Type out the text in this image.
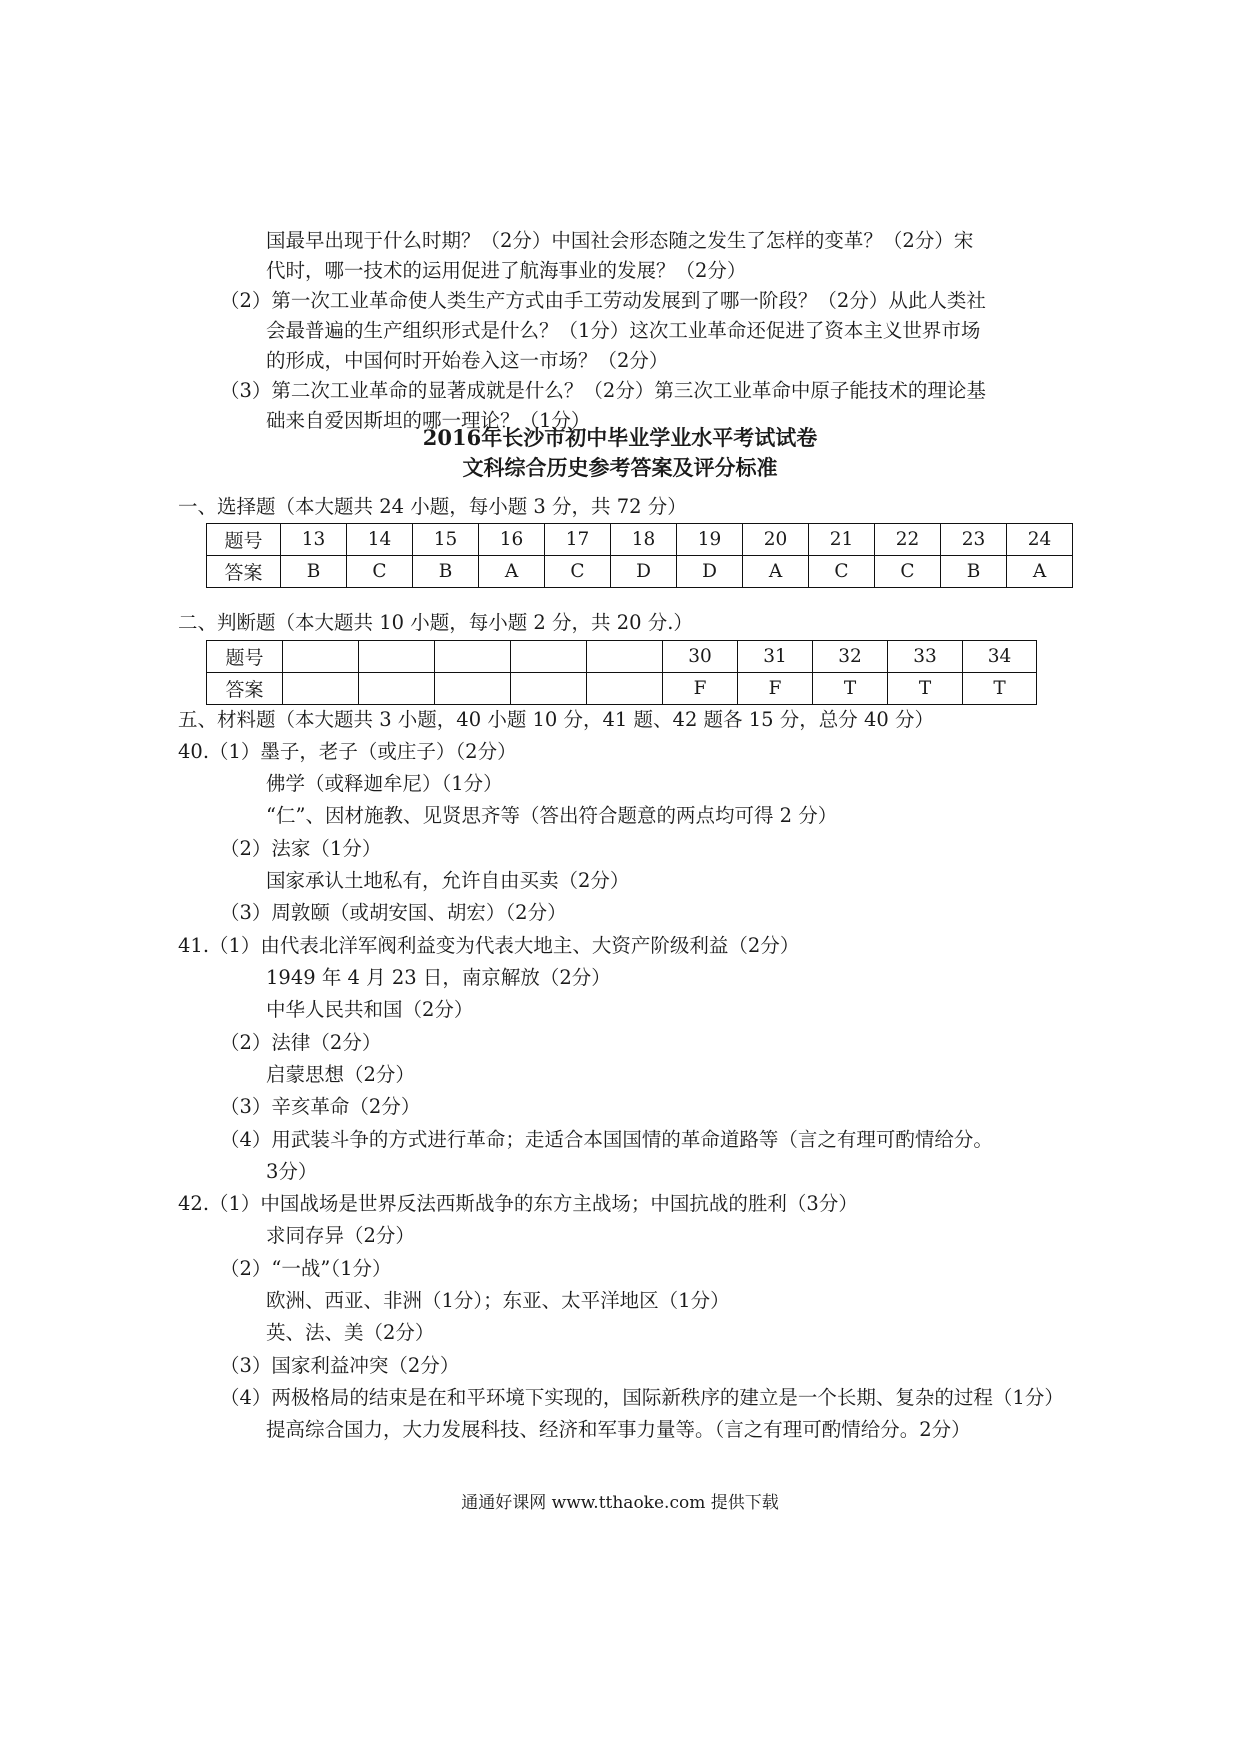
国最早出现于什么时期？（2分）中国社会形态随之发生了怎样的变革？（2分）宋
代时，哪一技术的运用促进了航海事业的发展？（2分）
（2）第一次工业革命使人类生产方式由手工劳动发展到了哪一阶段？（2分）从此人类社
会最普遍的生产组织形式是什么？（1分）这次工业革命还促进了资本主义世界市场
的形成，中国何时开始卷入这一市场？（2分）
（3）第二次工业革命的显著成就是什么？（2分）第三次工业革命中原子能技术的理论基
础来自爱因斯坦的哪一理论？（1分）
2016年长沙市初中毕业学业水平考试试卷
文科综合历史参考答案及评分标准
一、选择题（本大题共 24 小题，每小题 3 分，共 72 分）
题号	13	14	15	16	17	18	19	20	21	22	23	24
答案	B	C	B	A	C	D	D	A	C	C	B	A
二、判断题（本大题共 10 小题，每小题 2 分，共 20 分.）
题号						30	31	32	33	34
答案						F	F	T	T	T
五、材料题（本大题共 3 小题，40 小题 10 分，41 题、42 题各 15 分，总分 40 分）
40.（1）墨子，老子（或庄子）（2分）
佛学（或释迦牟尼）（1分）
“仁”、因材施教、见贤思齐等（答出符合题意的两点均可得 2 分）
（2）法家（1分）
国家承认土地私有，允许自由买卖（2分）
（3）周敦颐（或胡安国、胡宏）（2分）
41.（1）由代表北洋军阀利益变为代表大地主、大资产阶级利益（2分）
1949 年 4 月 23 日，南京解放（2分）
中华人民共和国（2分）
（2）法律（2分）
启蒙思想（2分）
（3）辛亥革命（2分）
（4）用武装斗争的方式进行革命；走适合本国国情的革命道路等（言之有理可酌情给分。
3分）
42.（1）中国战场是世界反法西斯战争的东方主战场；中国抗战的胜利（3分）
求同存异（2分）
（2）“一战”（1分）
欧洲、西亚、非洲（1分）；东亚、太平洋地区（1分）
英、法、美（2分）
（3）国家利益冲突（2分）
（4）两极格局的结束是在和平环境下实现的，国际新秩序的建立是一个长期、复杂的过程（1分）
提高综合国力，大力发展科技、经济和军事力量等。（言之有理可酌情给分。2分）
通通好课网 www.tthaoke.com 提供下载
